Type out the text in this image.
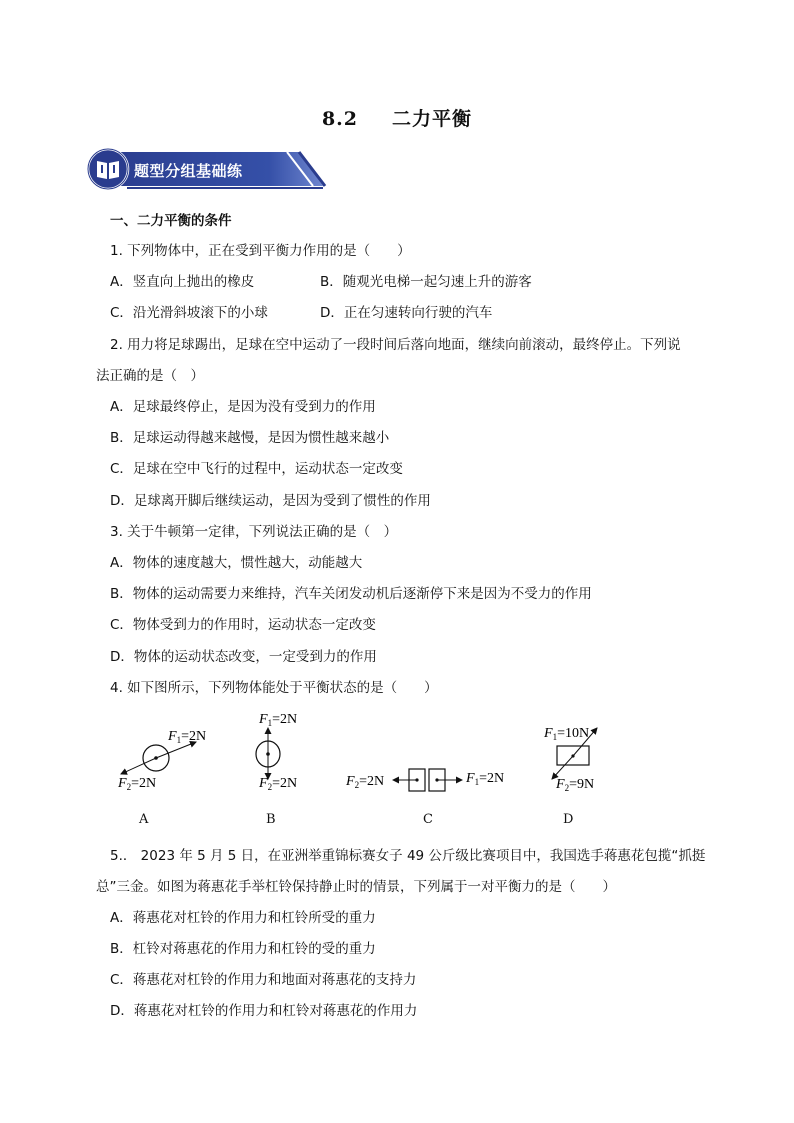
8.2 二力平衡
题型分组基础练
一、二力平衡的条件
1. 下列物体中，正在受到平衡力作用的是（　　）
A．竖直向上抛出的橡皮	B．随观光电梯一起匀速上升的游客
C．沿光滑斜坡滚下的小球	D．正在匀速转向行驶的汽车
2. 用力将足球踢出，足球在空中运动了一段时间后落向地面，继续向前滚动，最终停止。下列说
法正确的是（　）
A．足球最终停止，是因为没有受到力的作用
B．足球运动得越来越慢，是因为惯性越来越小
C．足球在空中飞行的过程中，运动状态一定改变
D．足球离开脚后继续运动，是因为受到了惯性的作用
3. 关于牛顿第一定律，下列说法正确的是（　）
A．物体的速度越大，惯性越大，动能越大
B．物体的运动需要力来维持，汽车关闭发动机后逐渐停下来是因为不受力的作用
C．物体受到力的作用时，运动状态一定改变
D．物体的运动状态改变，一定受到力的作用
4. 如下图所示，下列物体能处于平衡状态的是（　　）
$F_1=2N$
$F_2=2N$
$F_1=2N$
$F_2=2N$	$F_2=2N$	$F_1=2N$
$F_1=10N$
$F_2=9N$
A	B	C	D
5.． 2023 年 5 月 5 日，在亚洲举重锦标赛女子 49 公斤级比赛项目中，我国选手蒋惠花包揽“抓挺
总”三金。如图为蒋惠花手举杠铃保持静止时的情景，下列属于一对平衡力的是（　　）
A．蒋惠花对杠铃的作用力和杠铃所受的重力
B．杠铃对蒋惠花的作用力和杠铃的受的重力
C．蒋惠花对杠铃的作用力和地面对蒋惠花的支持力
D．蒋惠花对杠铃的作用力和杠铃对蒋惠花的作用力
